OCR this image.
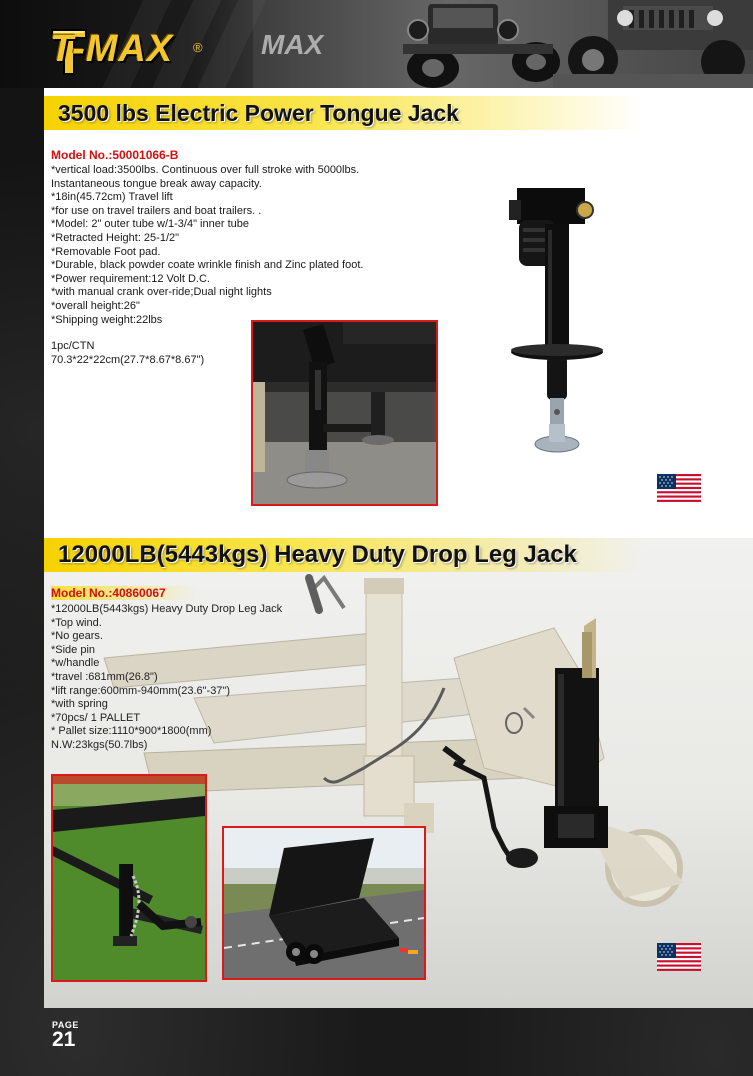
MAX
T-MAX ®
3500 lbs Electric Power Tongue Jack
Model No.:50001066-B
*vertical load:3500lbs. Continuous over full stroke with 5000lbs.
Instantaneous tongue break away capacity.
*18in(45.72cm) Travel lift
*for use on travel trailers and boat trailers. .
*Model: 2" outer tube w/1-3/4" inner tube
*Retracted Height: 25-1/2"
*Removable Foot pad.
*Durable, black powder coate wrinkle finish and Zinc plated foot.
*Power requirement:12 Volt D.C.
*with manual crank over-ride;Dual night lights
*overall height:26"
*Shipping weight:22lbs
1pc/CTN
70.3*22*22cm(27.7*8.67*8.67")
12000LB(5443kgs) Heavy Duty Drop Leg Jack
Model No.:40860067
*12000LB(5443kgs) Heavy Duty Drop Leg Jack
*Top wind.
*No gears.
*Side pin
*w/handle
*travel :681mm(26.8")
*lift range:600mm-940mm(23.6"-37")
*with spring
*70pcs/ 1 PALLET
* Pallet size:1110*900*1800(mm)
N.W:23kgs(50.7lbs)
PAGE
21
